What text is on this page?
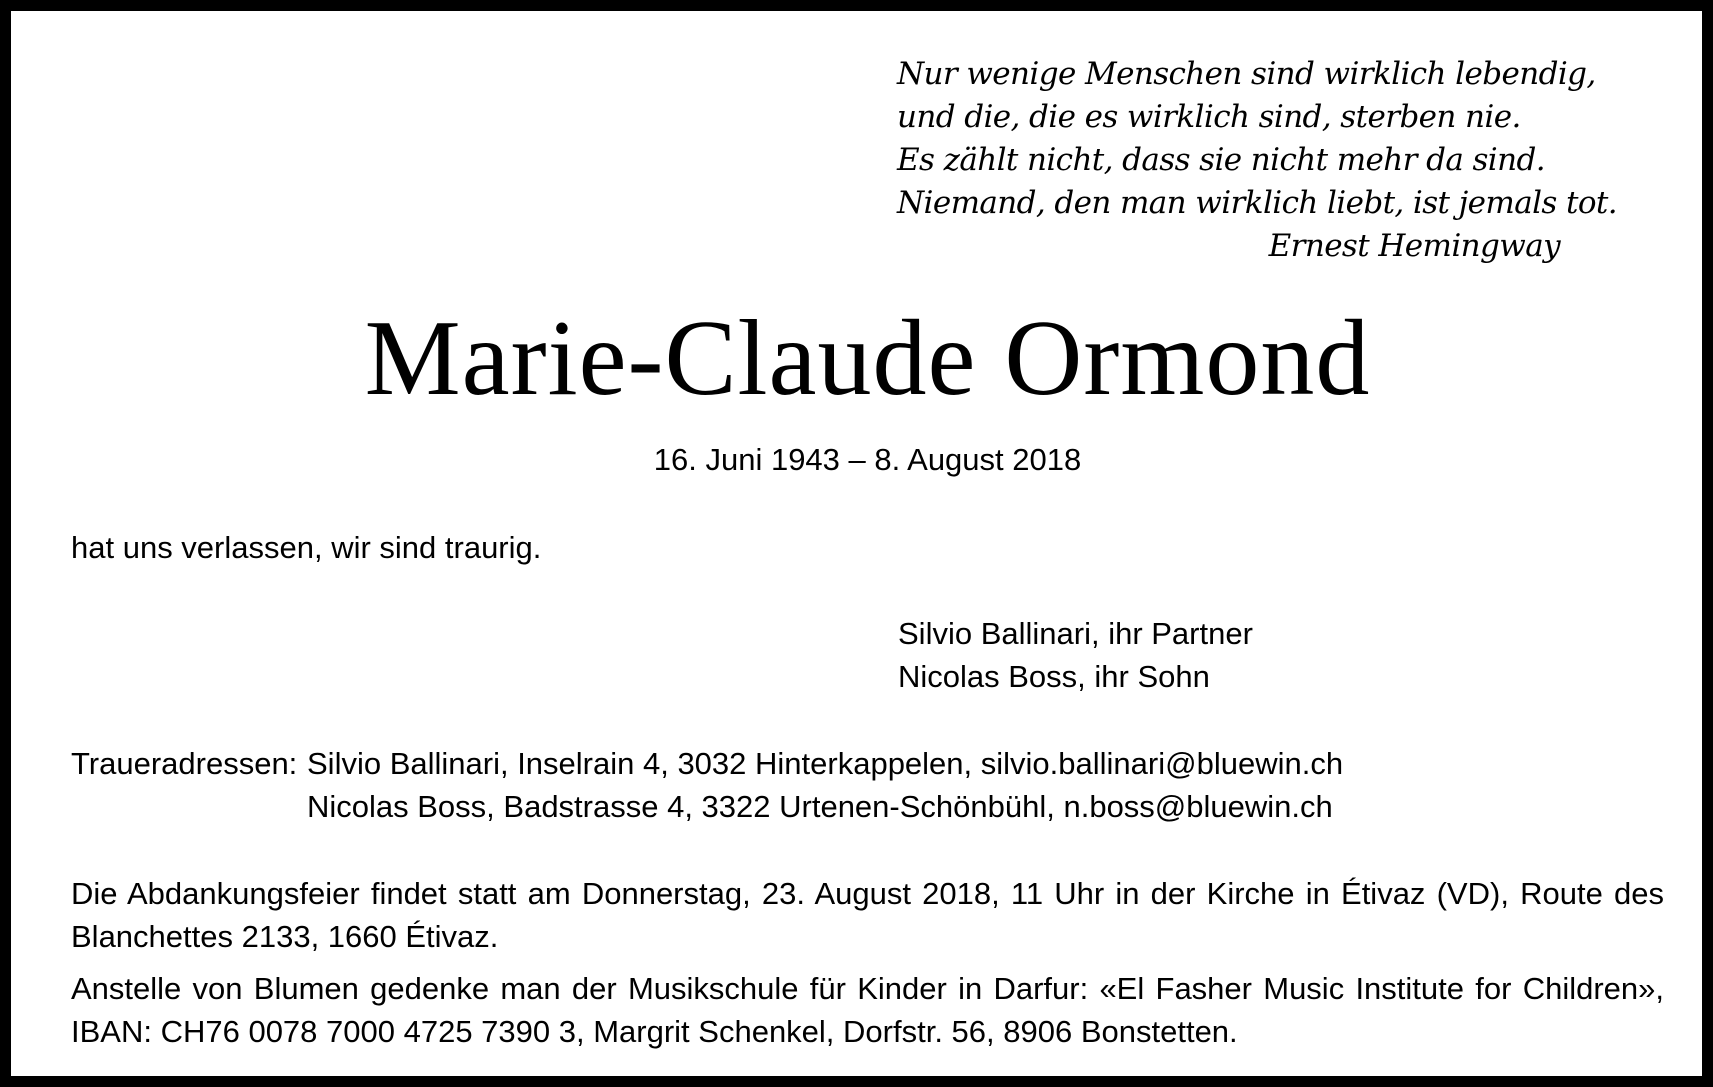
Nur wenige Menschen sind wirklich lebendig,
und die, die es wirklich sind, sterben nie.
Es zählt nicht, dass sie nicht mehr da sind.
Niemand, den man wirklich liebt, ist jemals tot.
Ernest Hemingway
Marie-Claude Ormond
16. Juni 1943 – 8. August 2018
hat uns verlassen, wir sind traurig.
Silvio Ballinari, ihr Partner
Nicolas Boss, ihr Sohn
Traueradressen: Silvio Ballinari, Inselrain 4, 3032 Hinterkappelen, silvio.ballinari@bluewin.ch
Nicolas Boss, Badstrasse 4, 3322 Urtenen-Schönbühl, n.boss@bluewin.ch
Die Abdankungsfeier findet statt am Donnerstag, 23. August 2018, 11 Uhr in der Kirche in Étivaz (VD), Route des Blanchettes 2133, 1660 Étivaz.
Anstelle von Blumen gedenke man der Musikschule für Kinder in Darfur: «El Fasher Music Institute for Children», IBAN: CH76 0078 7000 4725 7390 3, Margrit Schenkel, Dorfstr. 56, 8906 Bonstetten.
